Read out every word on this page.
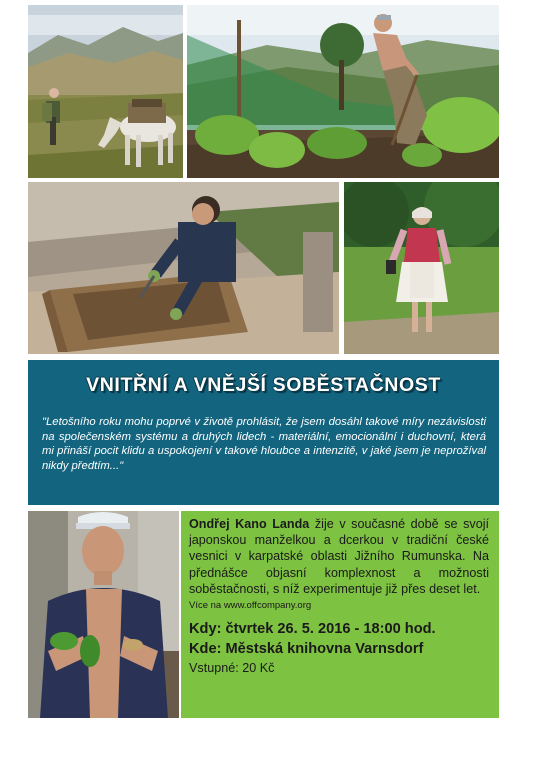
VNITŘNÍ A VNĚJŠÍ SOBĚSTAČNOST
"Letošního roku mohu poprvé v životě prohlásit, že jsem dosáhl takové míry nezávislosti na společenském systému a druhých lidech - materiální, emocionální i duchovní, která mi přináší pocit klidu a uspokojení v takové hloubce a intenzitě, v jaké jsem je neprožíval nikdy předtím..."
Ondřej Kano Landa žije v současné době se svojí japonskou manželkou a dcerkou v tradiční české vesnici v karpatské oblasti Jižního Rumunska. Na přednášce objasní komplexnost a možnosti soběstačnosti, s níž experimentuje již přes deset let.
Více na www.offcompany.org
Kdy: čtvrtek 26. 5. 2016 - 18:00 hod.
Kde: Městská knihovna Varnsdorf
Vstupné: 20 Kč
